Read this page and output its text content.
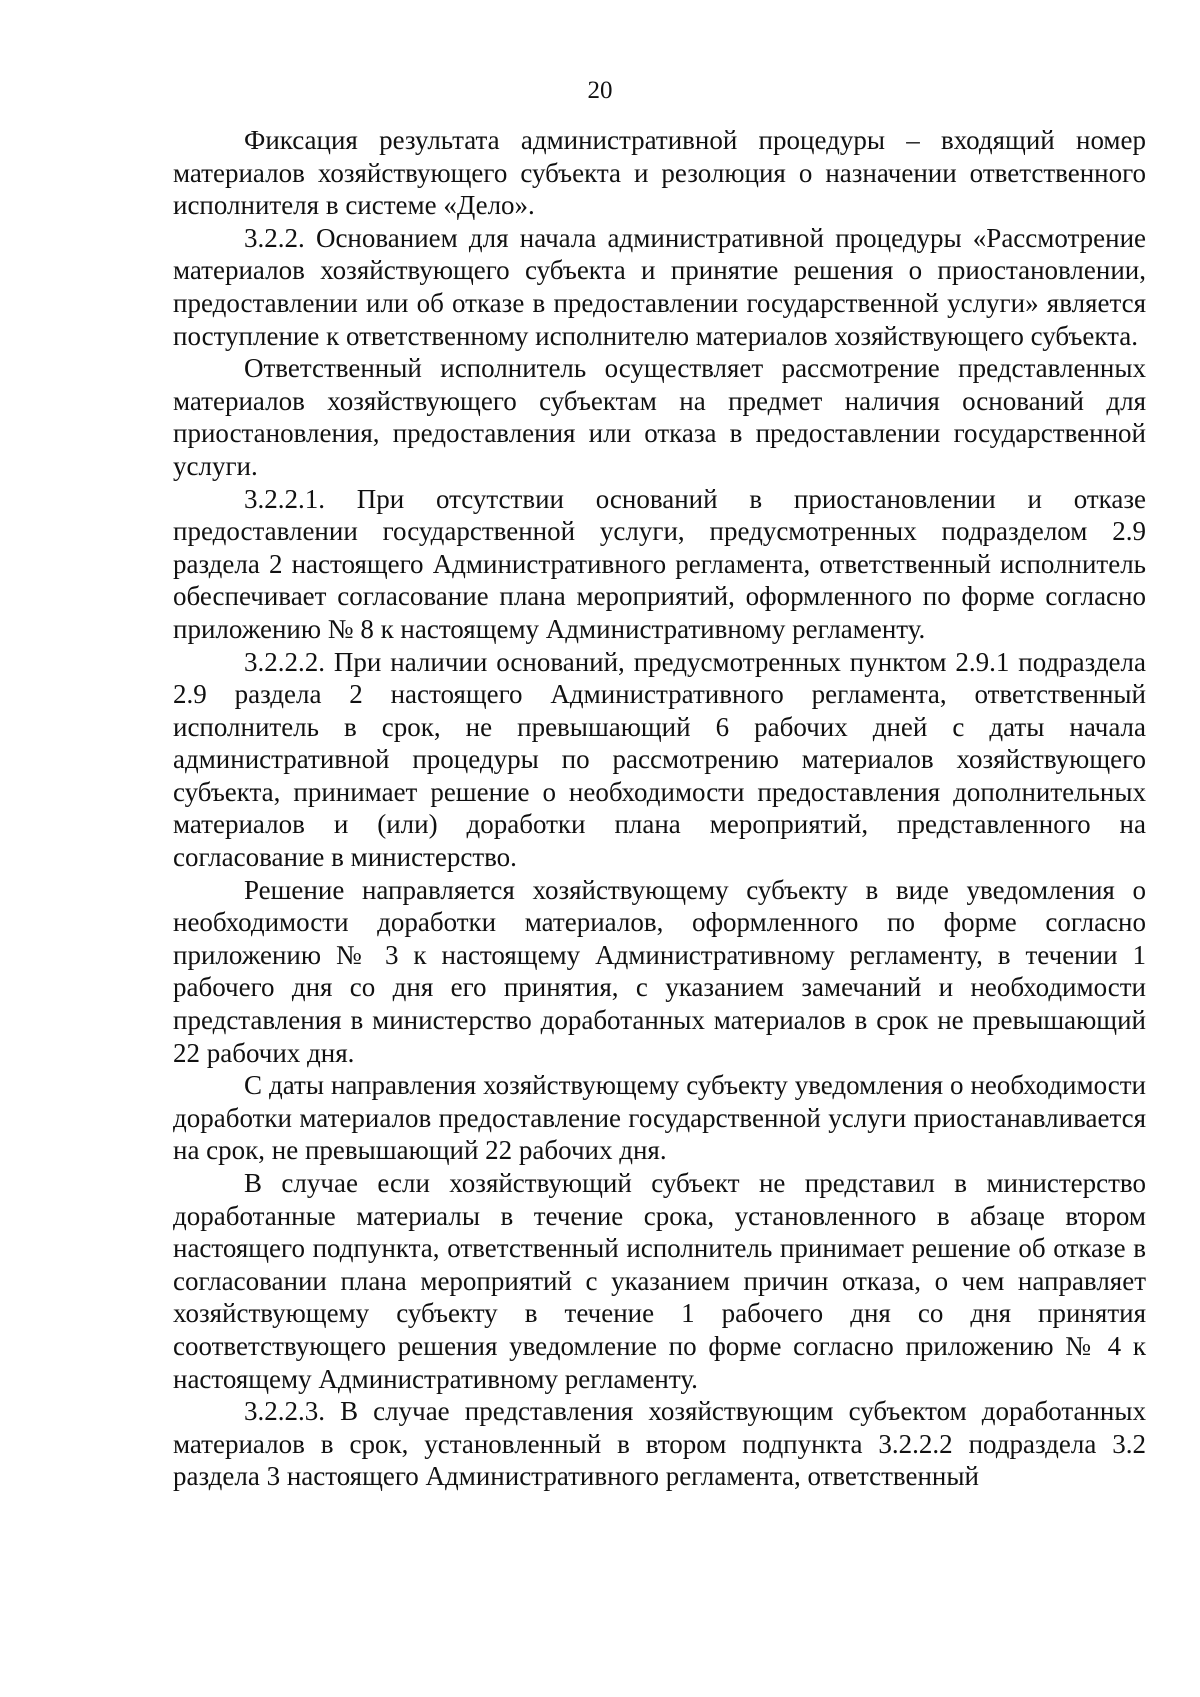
20

Фиксация результата административной процедуры – входящий номер материалов хозяйствующего субъекта и резолюция о назначении ответственного исполнителя в системе «Дело».

3.2.2. Основанием для начала административной процедуры «Рассмотрение материалов хозяйствующего субъекта и принятие решения о приостановлении, предоставлении или об отказе в предоставлении государственной услуги» является поступление к ответственному исполнителю материалов хозяйствующего субъекта.

Ответственный исполнитель осуществляет рассмотрение представленных материалов хозяйствующего субъектам на предмет наличия оснований для приостановления, предоставления или отказа в предоставлении государственной услуги.

3.2.2.1. При отсутствии оснований в приостановлении и отказе предоставлении государственной услуги, предусмотренных подразделом 2.9 раздела 2 настоящего Административного регламента, ответственный исполнитель обеспечивает согласование плана мероприятий, оформленного по форме согласно приложению № 8 к настоящему Административному регламенту.

3.2.2.2. При наличии оснований, предусмотренных пунктом 2.9.1 подраздела 2.9 раздела 2 настоящего Административного регламента, ответственный исполнитель в срок, не превышающий 6 рабочих дней с даты начала административной процедуры по рассмотрению материалов хозяйствующего субъекта, принимает решение о необходимости предоставления дополнительных материалов и (или) доработки плана мероприятий, представленного на согласование в министерство.

Решение направляется хозяйствующему субъекту в виде уведомления о необходимости доработки материалов, оформленного по форме согласно приложению № 3 к настоящему Административному регламенту, в течении 1 рабочего дня со дня его принятия, с указанием замечаний и необходимости представления в министерство доработанных материалов в срок не превышающий 22 рабочих дня.

С даты направления хозяйствующему субъекту уведомления о необходимости доработки материалов предоставление государственной услуги приостанавливается на срок, не превышающий 22 рабочих дня.

В случае если хозяйствующий субъект не представил в министерство доработанные материалы в течение срока, установленного в абзаце втором настоящего подпункта, ответственный исполнитель принимает решение об отказе в согласовании плана мероприятий с указанием причин отказа, о чем направляет хозяйствующему субъекту в течение 1 рабочего дня со дня принятия соответствующего решения уведомление по форме согласно приложению № 4 к настоящему Административному регламенту.

3.2.2.3. В случае представления хозяйствующим субъектом доработанных материалов в срок, установленный в втором подпункта 3.2.2.2 подраздела 3.2 раздела 3 настоящего Административного регламента, ответственный
